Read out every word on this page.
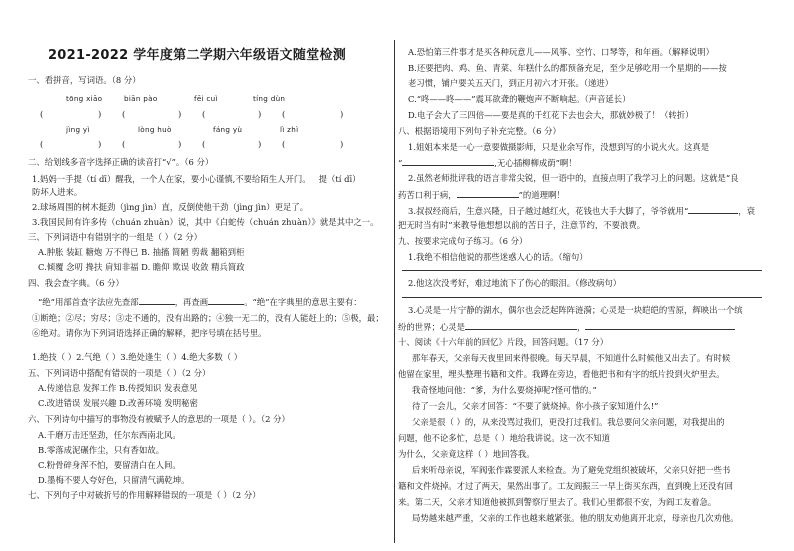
2021-2022 学年度第二学期六年级语文随堂检测
一、看拼音，写词语。（8 分）
tōng xiāo	biān pào	fēi cuì	tíng dùn
(	) (	) (	) (	)
jìng yì	lòng huò	fáng yù	lì zhì
(	) (	) (	) (	)
二、给划线多音字选择正确的读音打“√”。（6 分）
1.妈妈一手提（tí dī）醒我，一个人在家，要小心谨慎,不要给陌生人开门。 提（tí dī）
防坏人进来。
2.球场周围的树木挺劲（jìng jìn）直，反倒使他干劲（jìng jìn）更足了。
3.我国民间有许多传（chuán zhuàn）说，其中《白蛇传（chuán zhuàn）》就是其中之一。
三、下列词语中有错别字的一组是（ ）（2 分）
A.肿胀 装缸 糖炮 万不得已 B. 抽搐 简陋 剪裁 翻箱到柜
C.倾覆 念叨 搀扶 肩知非福 D. 瞻仰 欺误 收敛 精兵简政
四、我会查字典。（6 分）
“绝”用部首查字法应先查部	，再查画	。“绝”在字典里的意思主要有：
①断绝；②尽；穷尽；③走不通的，没有出路的；④独一无二的，没有人能赶上的；⑤极，最；⑥绝对。请你为下列词语选择正确的解释，把序号填在括号里。
1.绝技（ ）2.气绝（ ）3.绝处逢生（ ）4.绝大多数（ ）
五、下列词语中搭配有错误的一项是（ ）（2 分）
A.传递信息 发挥工作 B.传授知识 发表意见
C.改进错误 发展兴趣 D.改善环境 发明秘密
六、下列诗句中描写的事物没有被赋予人的意思的一项是（ ）。（2 分）
A.千磨万击还坚劲，任尔东西南北风。
B.零落成泥碾作尘，只有香如故。
C.粉骨碎身浑不怕，要留清白在人间。
D.墨梅不要人夸好色，只留清气满乾坤。
七、下列句子中对破折号的作用解释错误的一项是（ ）（2 分）
A.恐怕第三件事才是买各种玩意儿——风筝、空竹、口琴等，和年画。（解释说明）
B.还要把肉、鸡、鱼、青菜、年糕什么的都预备充足，至少足够吃用一个星期的——按
老习惯，铺户要关五天门，到正月初六才开张。（递进）
C.“咚——咚——”震耳欲聋的鞭炮声不断响起。（声音延长）
D.电子会大了三四倍——要是真的千红花下去也会大，那就妙极了！（转折）
八、根据语境用下列句子补充完整。（6 分）
1.姐姐本来是一心一意要做摄影师，只是业余写作，没想到写的小说火火。这真是
“	,无心插柳柳成荫”啊！
2.虽然老师批评我的语言非常尖锐，但一语中的，直接点明了我学习上的问题。这就是“良
药苦口利于病，	”的道理啊！
3.叔叔经商后，生意兴隆，日子越过越红火，花钱也大手大脚了，爷爷就用“	，衰
把无时当有时”来教导他想想以前的苦日子，注意节约，不要浪费。
九、按要求完成句子练习。（6 分）
1.我绝不相信他说的那些迷惑人心的话。（缩句）
2.他这次没考好，难过地流下了伤心的眼泪。（修改病句）
3.心灵是一片宁静的湖水，偶尔也会泛起阵阵涟漪；心灵是一块皑皑的雪原，辉映出一个缤
纷的世界；心灵是	，
十、阅读《十六年前的回忆》片段，回答问题。（17 分）
那年春天，父亲每天夜里回来得很晚。每天早晨，不知道什么时候他又出去了。有时候
他留在家里，埋头整理书籍和文件。我蹲在旁边，看他把书和有字的纸片投到火炉里去。
我奇怪地问他：“爹，为什么要烧掉呢?怪可惜的。”
待了一会儿，父亲才回答：“不要了就烧掉。你小孩子家知道什么!”
父亲是很（ ）的，从来没骂过我们，更没打过我们。我总要问父亲问题，对我提出的
问题，他不论多忙，总是（ ）地给我讲说。这一次不知道
为什么，父亲竟这样（ ）地回答我。
后来听母亲说，军阀张作霖要派人来检查。为了避免党组织被破坏，父亲只好把一些书
籍和文件烧掉。才过了两天，果然出事了。工友阎振三一早上街买东西，直到晚上还没有回
来。第二天，父亲才知道他被抓到警察厅里去了。我们心里都很不安，为阎工友着急。
局势越来越严重，父亲的工作也越来越紧张。他的朋友劝他离开北京，母亲也几次劝他。
